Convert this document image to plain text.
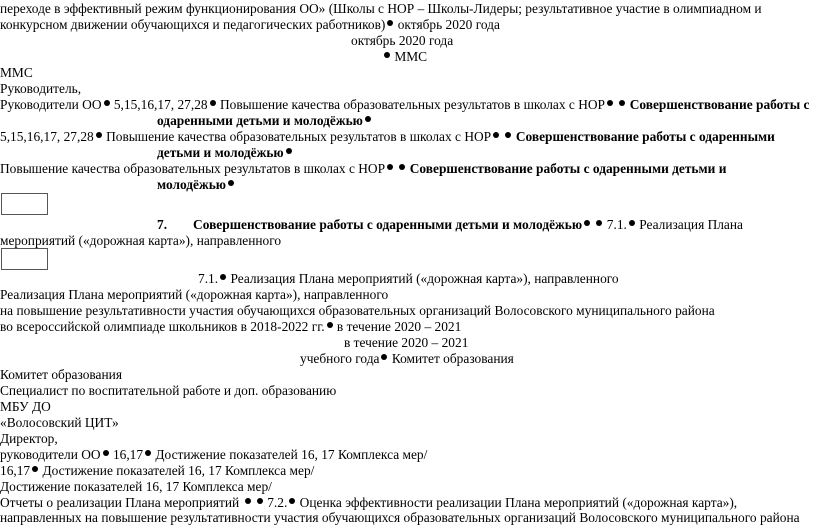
переходе в эффективный режим функционирования ОО» (Школы с НОР – Школы-Лидеры; результативное участие в олимпиадном и
конкурсном движении обучающихся и педагогических работников) октябрь 2020 года
октябрь 2020 года
ММС
ММС
Руководитель,
Руководители ОО 5,15,16,17, 27,28 Повышение качества образовательных результатов в школах с НОР Совершенствование работы с
одаренными детьми и молодёжью
5,15,16,17, 27,28 Повышение качества образовательных результатов в школах с НОР Совершенствование работы с одаренными
детьми и молодёжью
Повышение качества образовательных результатов в школах с НОР Совершенствование работы с одаренными детьми и
молодёжью
7. Совершенствование работы с одаренными детьми и молодёжью  7.1. Реализация Плана
мероприятий («дорожная карта»), направленного
7.1. Реализация Плана мероприятий («дорожная карта»), направленного
Реализация Плана мероприятий («дорожная карта»), направленного
на повышение результативности участия обучающихся образовательных организаций Волосовского муниципального района
во всероссийской олимпиаде школьников в 2018-2022 гг. в течение 2020 – 2021
в течение 2020 – 2021
учебного года Комитет образования
Комитет образования
Специалист по воспитательной работе и доп. образованию
МБУ ДО
«Волосовский ЦИТ»
Директор,
руководители ОО 16,17 Достижение показателей 16, 17 Комплекса мер/
16,17 Достижение показателей 16, 17 Комплекса мер/
Достижение показателей 16, 17 Комплекса мер/
Отчеты о реализации Плана мероприятий   7.2. Оценка эффективности реализации Плана мероприятий («дорожная карта»),
направленных на повышение результативности участия обучающихся образовательных организаций Волосовского муниципального района
